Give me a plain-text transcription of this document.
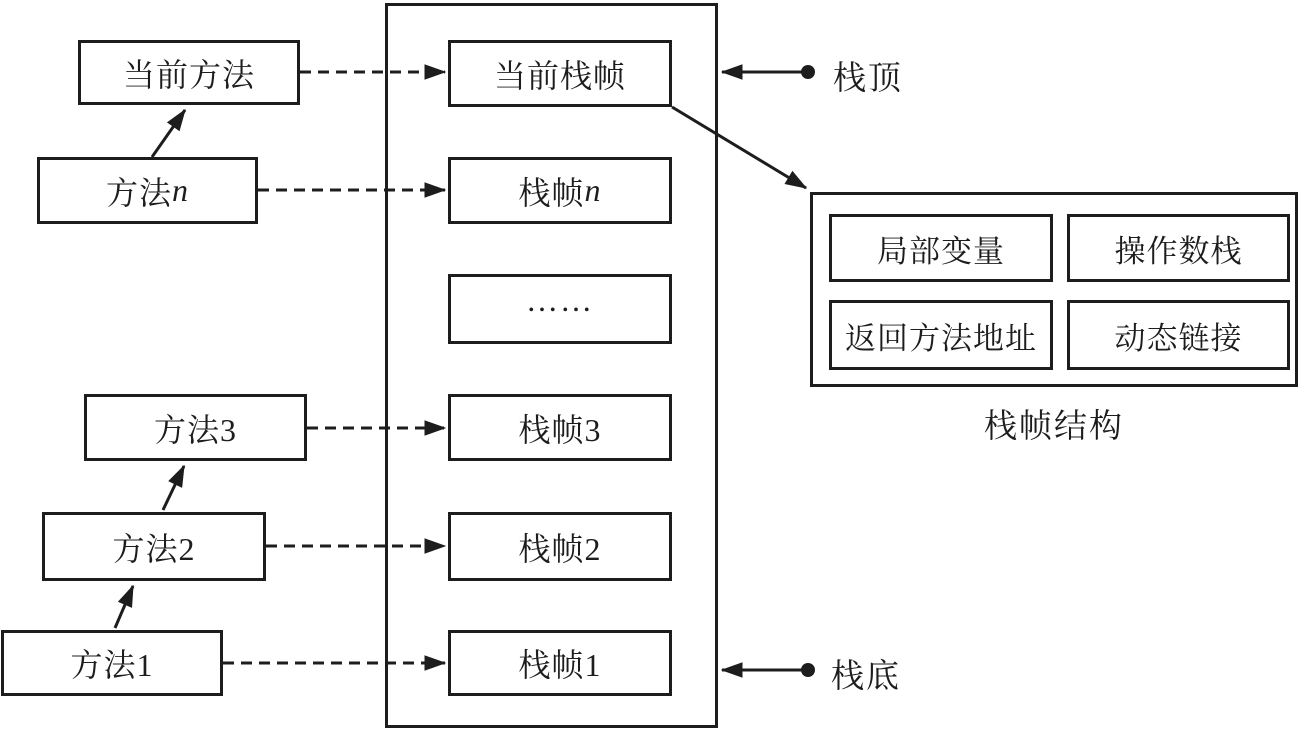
当前方法
方法 n
方法3
方法2
方法1
当前栈帧
栈帧 n
……
栈帧3
栈帧2
栈帧1
栈顶
栈底
局部变量	操作数栈
返回方法地址	动态链接
栈帧结构
